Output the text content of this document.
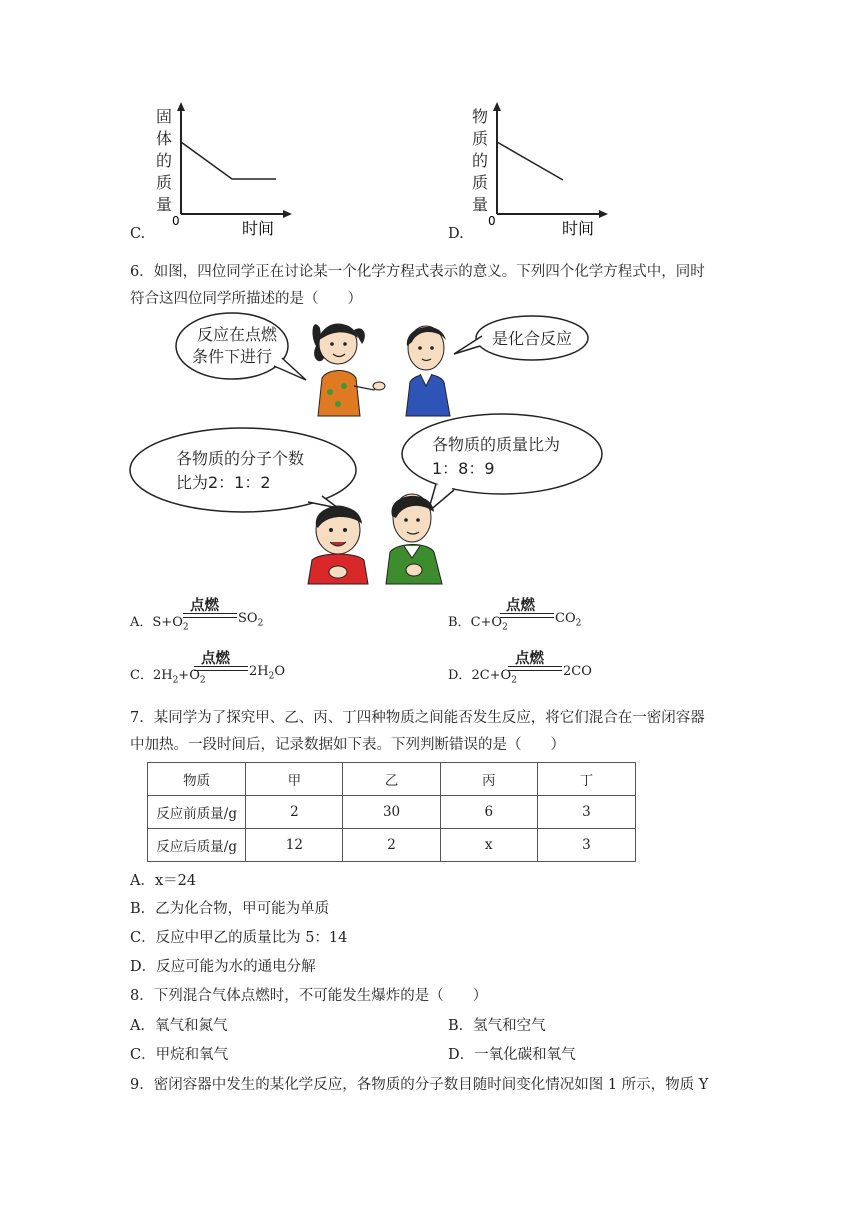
固
体
的
质
量
0	时间
C.
物
质
的
质
量
0	时间
D.
6．如图，四位同学正在讨论某一个化学方程式表示的意义。下列四个化学方程式中，同时
符合这四位同学所描述的是（　　）
反应在点燃
条件下进行
是化合反应
各物质的分子个数
比为2：1：2
各物质的质量比为
1：8：9
A．$S+O_2$
点燃
$SO_2$	B．$C+O_2$
点燃
$CO_2$
C．$2H_2+O_2$
点燃
$2H_2O$	D．$2C+O_2$
点燃
2CO
7．某同学为了探究甲、乙、丙、丁四种物质之间能否发生反应，将它们混合在一密闭容器
中加热。一段时间后，记录数据如下表。下列判断错误的是（　　）
物质	甲	乙	丙	丁
反应前质量/g	2	30	6	3
反应后质量/g	12	2	x	3
A．x＝24
B．乙为化合物，甲可能为单质
C．反应中甲乙的质量比为 5：14
D．反应可能为水的通电分解
8．下列混合气体点燃时，不可能发生爆炸的是（　　）
A．氧气和氮气	B．氢气和空气
C．甲烷和氧气	D．一氧化碳和氧气
9．密闭容器中发生的某化学反应，各物质的分子数目随时间变化情况如图 1 所示，物质 Y
